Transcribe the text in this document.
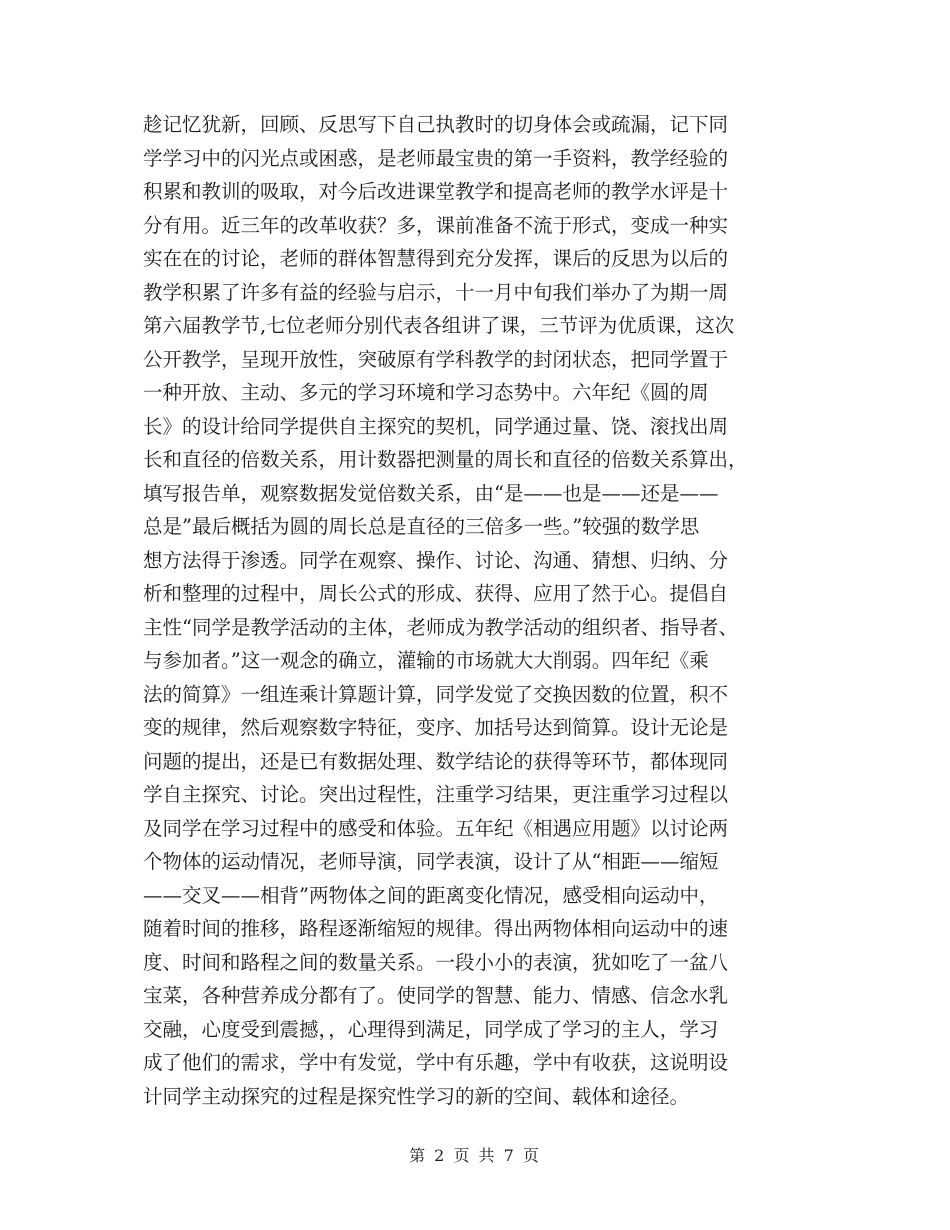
趁记忆犹新，回顾、反思写下自己执教时的切身体会或疏漏，记下同
学学习中的闪光点或困惑，是老师最宝贵的第一手资料，教学经验的
积累和教训的吸取，对今后改进课堂教学和提高老师的教学水评是十
分有用。近三年的改革收获？多，课前准备不流于形式，变成一种实
实在在的讨论，老师的群体智慧得到充分发挥，课后的反思为以后的
教学积累了许多有益的经验与启示，十一月中旬我们举办了为期一周
第六届教学节,七位老师分别代表各组讲了课，三节评为优质课，这次
公开教学，呈现开放性，突破原有学科教学的封闭状态，把同学置于
一种开放、主动、多元的学习环境和学习态势中。六年纪《圆的周
长》的设计给同学提供自主探究的契机，同学通过量、饶、滚找出周
长和直径的倍数关系，用计数器把测量的周长和直径的倍数关系算出，
填写报告单，观察数据发觉倍数关系，由“是——也是——还是——
总是”最后概括为圆的周长总是直径的三倍多一些。”较强的数学思
想方法得于渗透。同学在观察、操作、讨论、沟通、猜想、归纳、分
析和整理的过程中，周长公式的形成、获得、应用了然于心。提倡自
主性“同学是教学活动的主体，老师成为教学活动的组织者、指导者、
与参加者。”这一观念的确立，灌输的市场就大大削弱。四年纪《乘
法的简算》一组连乘计算题计算，同学发觉了交换因数的位置，积不
变的规律，然后观察数字特征，变序、加括号达到简算。设计无论是
问题的提出，还是已有数据处理、数学结论的获得等环节，都体现同
学自主探究、讨论。突出过程性，注重学习结果，更注重学习过程以
及同学在学习过程中的感受和体验。五年纪《相遇应用题》以讨论两
个物体的运动情况，老师导演，同学表演，设计了从“相距——缩短
——交叉——相背”两物体之间的距离变化情况，感受相向运动中，
随着时间的推移，路程逐渐缩短的规律。得出两物体相向运动中的速
度、时间和路程之间的数量关系。一段小小的表演，犹如吃了一盆八
宝菜，各种营养成分都有了。使同学的智慧、能力、情感、信念水乳
交融，心度受到震撼，，心理得到满足，同学成了学习的主人，学习
成了他们的需求，学中有发觉，学中有乐趣，学中有收获，这说明设
计同学主动探究的过程是探究性学习的新的空间、载体和途径。
第 2 页 共 7 页
